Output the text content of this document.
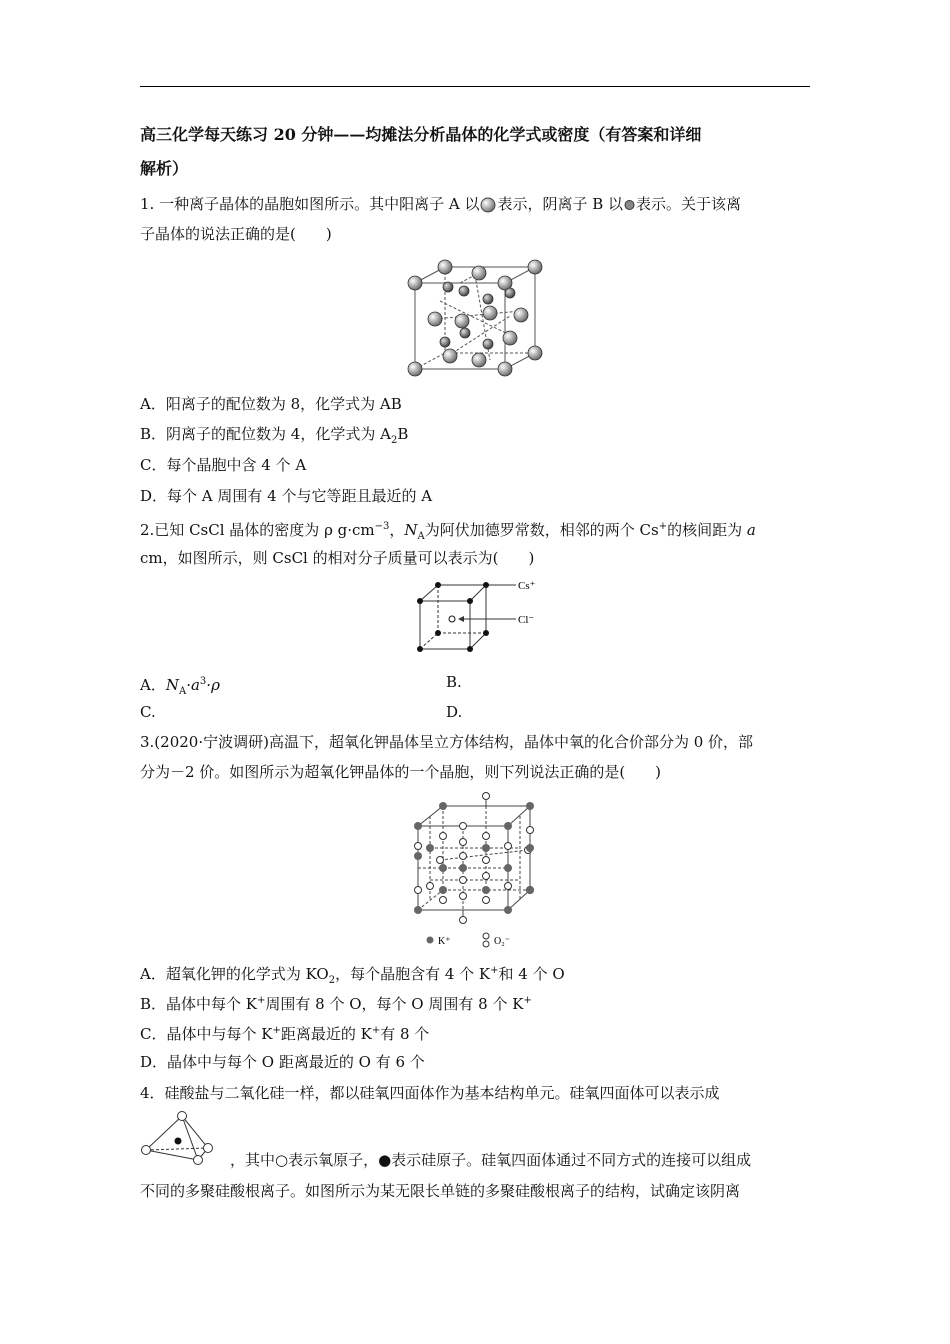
高三化学每天练习 20 分钟——均摊法分析晶体的化学式或密度（有答案和详细
解析）
1. 一种离子晶体的晶胞如图所示。其中阳离子 A 以 表示，阴离子 B 以 表示。关于该离
子晶体的说法正确的是(　　)
A．阳离子的配位数为 8，化学式为 AB
B．阴离子的配位数为 4，化学式为 $A_2B$
C．每个晶胞中含 4 个 A
D．每个 A 周围有 4 个与它等距且最近的 A
2.已知 CsCl 晶体的密度为 ρ $g\cdot cm^{-3}$，$N_A$为阿伏加德罗常数，相邻的两个 Cs+的核间距为 a
cm，如图所示，则 CsCl 的相对分子质量可以表示为(　　)
Cs⁺
Cl⁻
A．$N_A\cdot a^3\cdot\rho$	B.
C.	D.
3.(2020·宁波调研)高温下，超氧化钾晶体呈立方体结构，晶体中氧的化合价部分为 0 价，部
分为－2 价。如图所示为超氧化钾晶体的一个晶胞，则下列说法正确的是(　　)
K⁺	O₂⁻
A．超氧化钾的化学式为 $KO_2$，每个晶胞含有 4 个 K+和 4 个 O
B．晶体中每个 K+周围有 8 个 O，每个 O 周围有 8 个 K+
C．晶体中与每个 K+距离最近的 K+有 8 个
D．晶体中与每个 O 距离最近的 O 有 6 个
4．硅酸盐与二氧化硅一样，都以硅氧四面体作为基本结构单元。硅氧四面体可以表示成
，其中○表示氧原子，●表示硅原子。硅氧四面体通过不同方式的连接可以组成
不同的多聚硅酸根离子。如图所示为某无限长单链的多聚硅酸根离子的结构，试确定该阴离
